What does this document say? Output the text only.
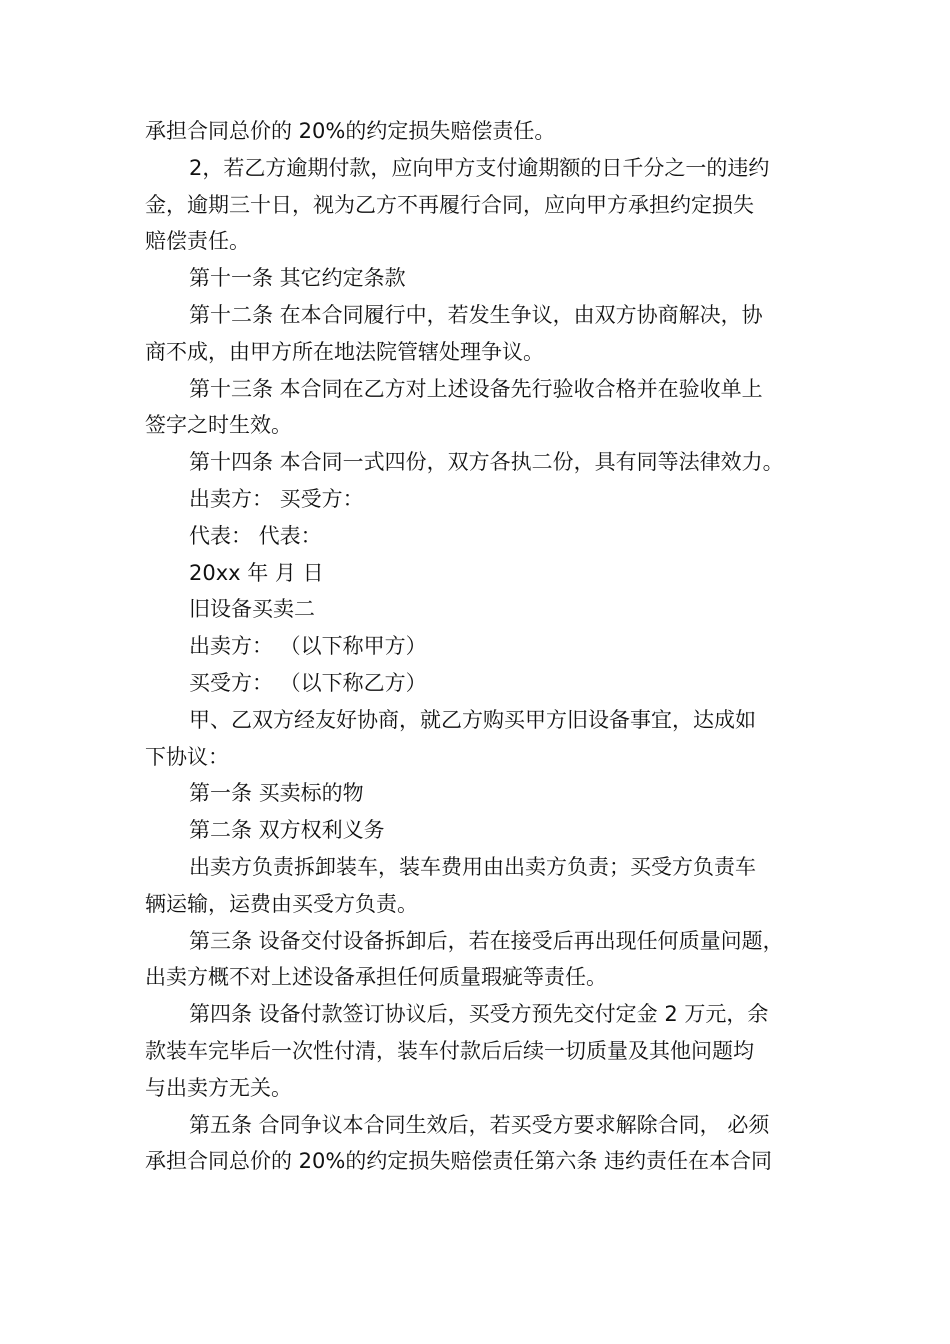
承担合同总价的 20%的约定损失赔偿责任。

2，若乙方逾期付款，应向甲方支付逾期额的日千分之一的违约

金，逾期三十日，视为乙方不再履行合同，应向甲方承担约定损失

赔偿责任。

第十一条 其它约定条款

第十二条 在本合同履行中，若发生争议，由双方协商解决，协

商不成，由甲方所在地法院管辖处理争议。

第十三条 本合同在乙方对上述设备先行验收合格并在验收单上

签字之时生效。

第十四条 本合同一式四份，双方各执二份，具有同等法律效力。

出卖方： 买受方：

代表： 代表：

20xx 年 月 日

旧设备买卖二

出卖方： （以下称甲方）

买受方： （以下称乙方）

甲、乙双方经友好协商，就乙方购买甲方旧设备事宜，达成如

下协议：

第一条 买卖标的物

第二条 双方权利义务

出卖方负责拆卸装车，装车费用由出卖方负责；买受方负责车

辆运输，运费由买受方负责。

第三条 设备交付设备拆卸后，若在接受后再出现任何质量问题，

出卖方概不对上述设备承担任何质量瑕疵等责任。

第四条 设备付款签订协议后，买受方预先交付定金 2 万元，余

款装车完毕后一次性付清，装车付款后后续一切质量及其他问题均

与出卖方无关。

第五条 合同争议本合同生效后，若买受方要求解除合同， 必须

承担合同总价的 20%的约定损失赔偿责任第六条 违约责任在本合同
